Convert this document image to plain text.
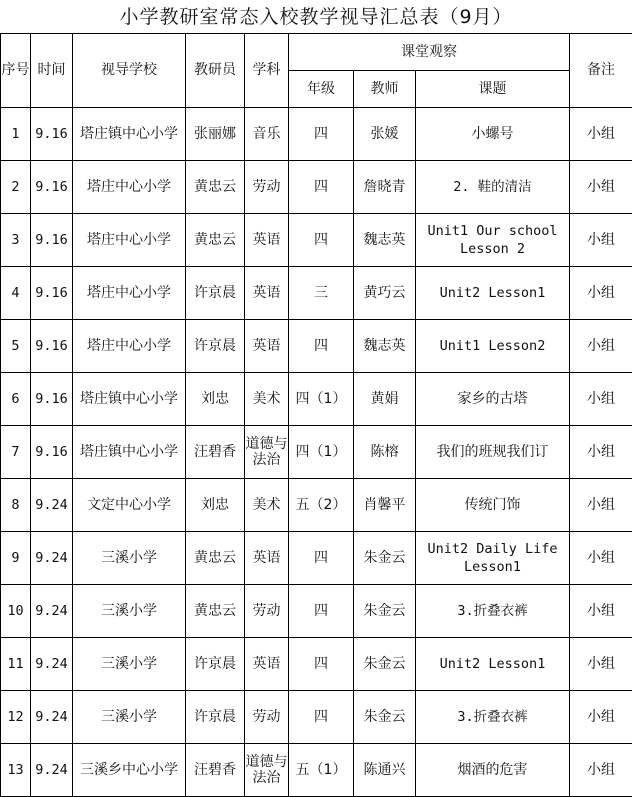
小学教研室常态入校教学视导汇总表（9月）
序号	时间	视导学校	教研员	学科	课堂观察			备注
					年级	教师	课题	
1	9.16	塔庄镇中心小学	张丽娜	音乐	四	张媛	小螺号	小组
2	9.16	塔庄中心小学	黄忠云	劳动	四	詹晓青	2. 鞋的清洁	小组
3	9.16	塔庄中心小学	黄忠云	英语	四	魏志英	Unit1 Our school Lesson 2	小组
4	9.16	塔庄中心小学	许京晨	英语	三	黄巧云	Unit2 Lesson1	小组
5	9.16	塔庄中心小学	许京晨	英语	四	魏志英	Unit1 Lesson2	小组
6	9.16	塔庄镇中心小学	刘忠	美术	四（1）	黄娟	家乡的古塔	小组
7	9.16	塔庄镇中心小学	汪碧香	道德与法治	四（1）	陈榕	我们的班规我们订	小组
8	9.24	文定中心小学	刘忠	美术	五（2）	肖馨平	传统门饰	小组
9	9.24	三溪小学	黄忠云	英语	四	朱金云	Unit2 Daily Life Lesson1	小组
10	9.24	三溪小学	黄忠云	劳动	四	朱金云	3.折叠衣裤	小组
11	9.24	三溪小学	许京晨	英语	四	朱金云	Unit2 Lesson1	小组
12	9.24	三溪小学	许京晨	劳动	四	朱金云	3.折叠衣裤	小组
13	9.24	三溪乡中心小学	汪碧香	道德与法治	五（1）	陈通兴	烟酒的危害	小组
